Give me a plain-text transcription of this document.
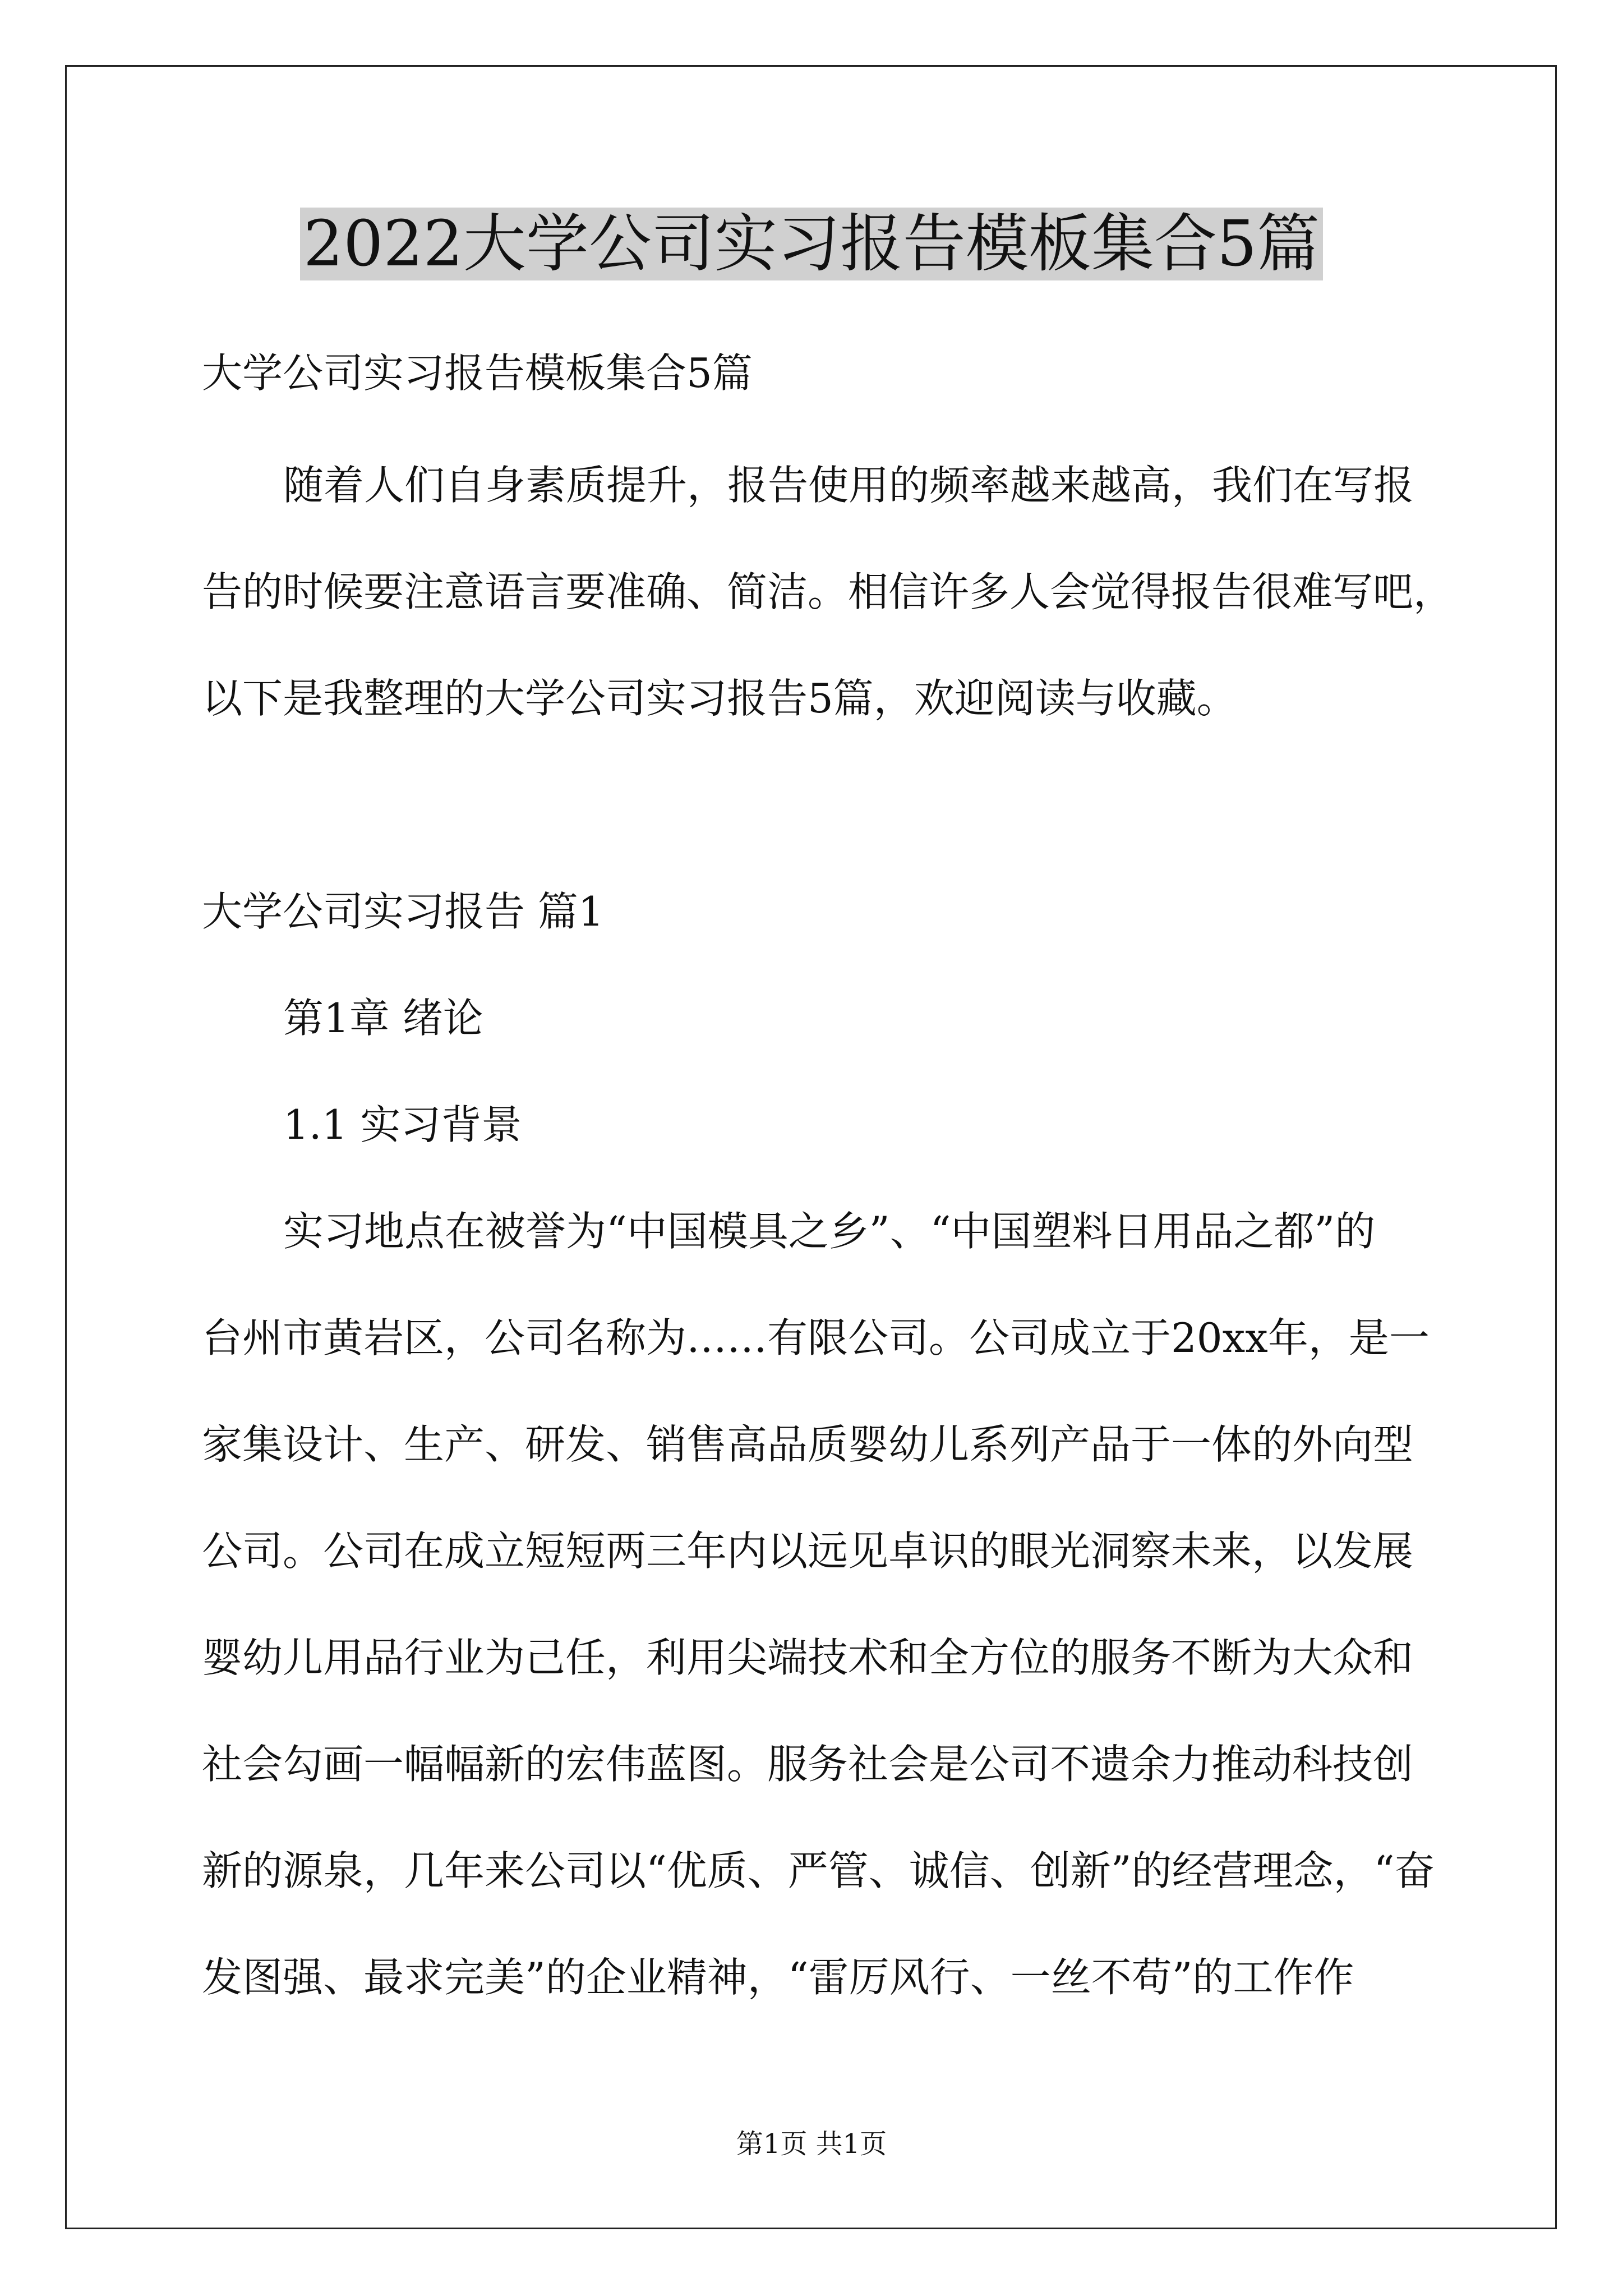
2022大学公司实习报告模板集合5篇

大学公司实习报告模板集合5篇

随着人们自身素质提升，报告使用的频率越来越高，我们在写报

告的时候要注意语言要准确、简洁。相信许多人会觉得报告很难写吧，

以下是我整理的大学公司实习报告5篇，欢迎阅读与收藏。

大学公司实习报告 篇1

第1章 绪论

1.1 实习背景

实习地点在被誉为“中国模具之乡”、“中国塑料日用品之都”的

台州市黄岩区，公司名称为……有限公司。公司成立于20xx年，是一

家集设计、生产、研发、销售高品质婴幼儿系列产品于一体的外向型

公司。公司在成立短短两三年内以远见卓识的眼光洞察未来，以发展

婴幼儿用品行业为己任，利用尖端技术和全方位的服务不断为大众和

社会勾画一幅幅新的宏伟蓝图。服务社会是公司不遗余力推动科技创

新的源泉，几年来公司以“优质、严管、诚信、创新”的经营理念，“奋

发图强、最求完美”的企业精神，“雷厉风行、一丝不苟”的工作作

第1页 共1页
